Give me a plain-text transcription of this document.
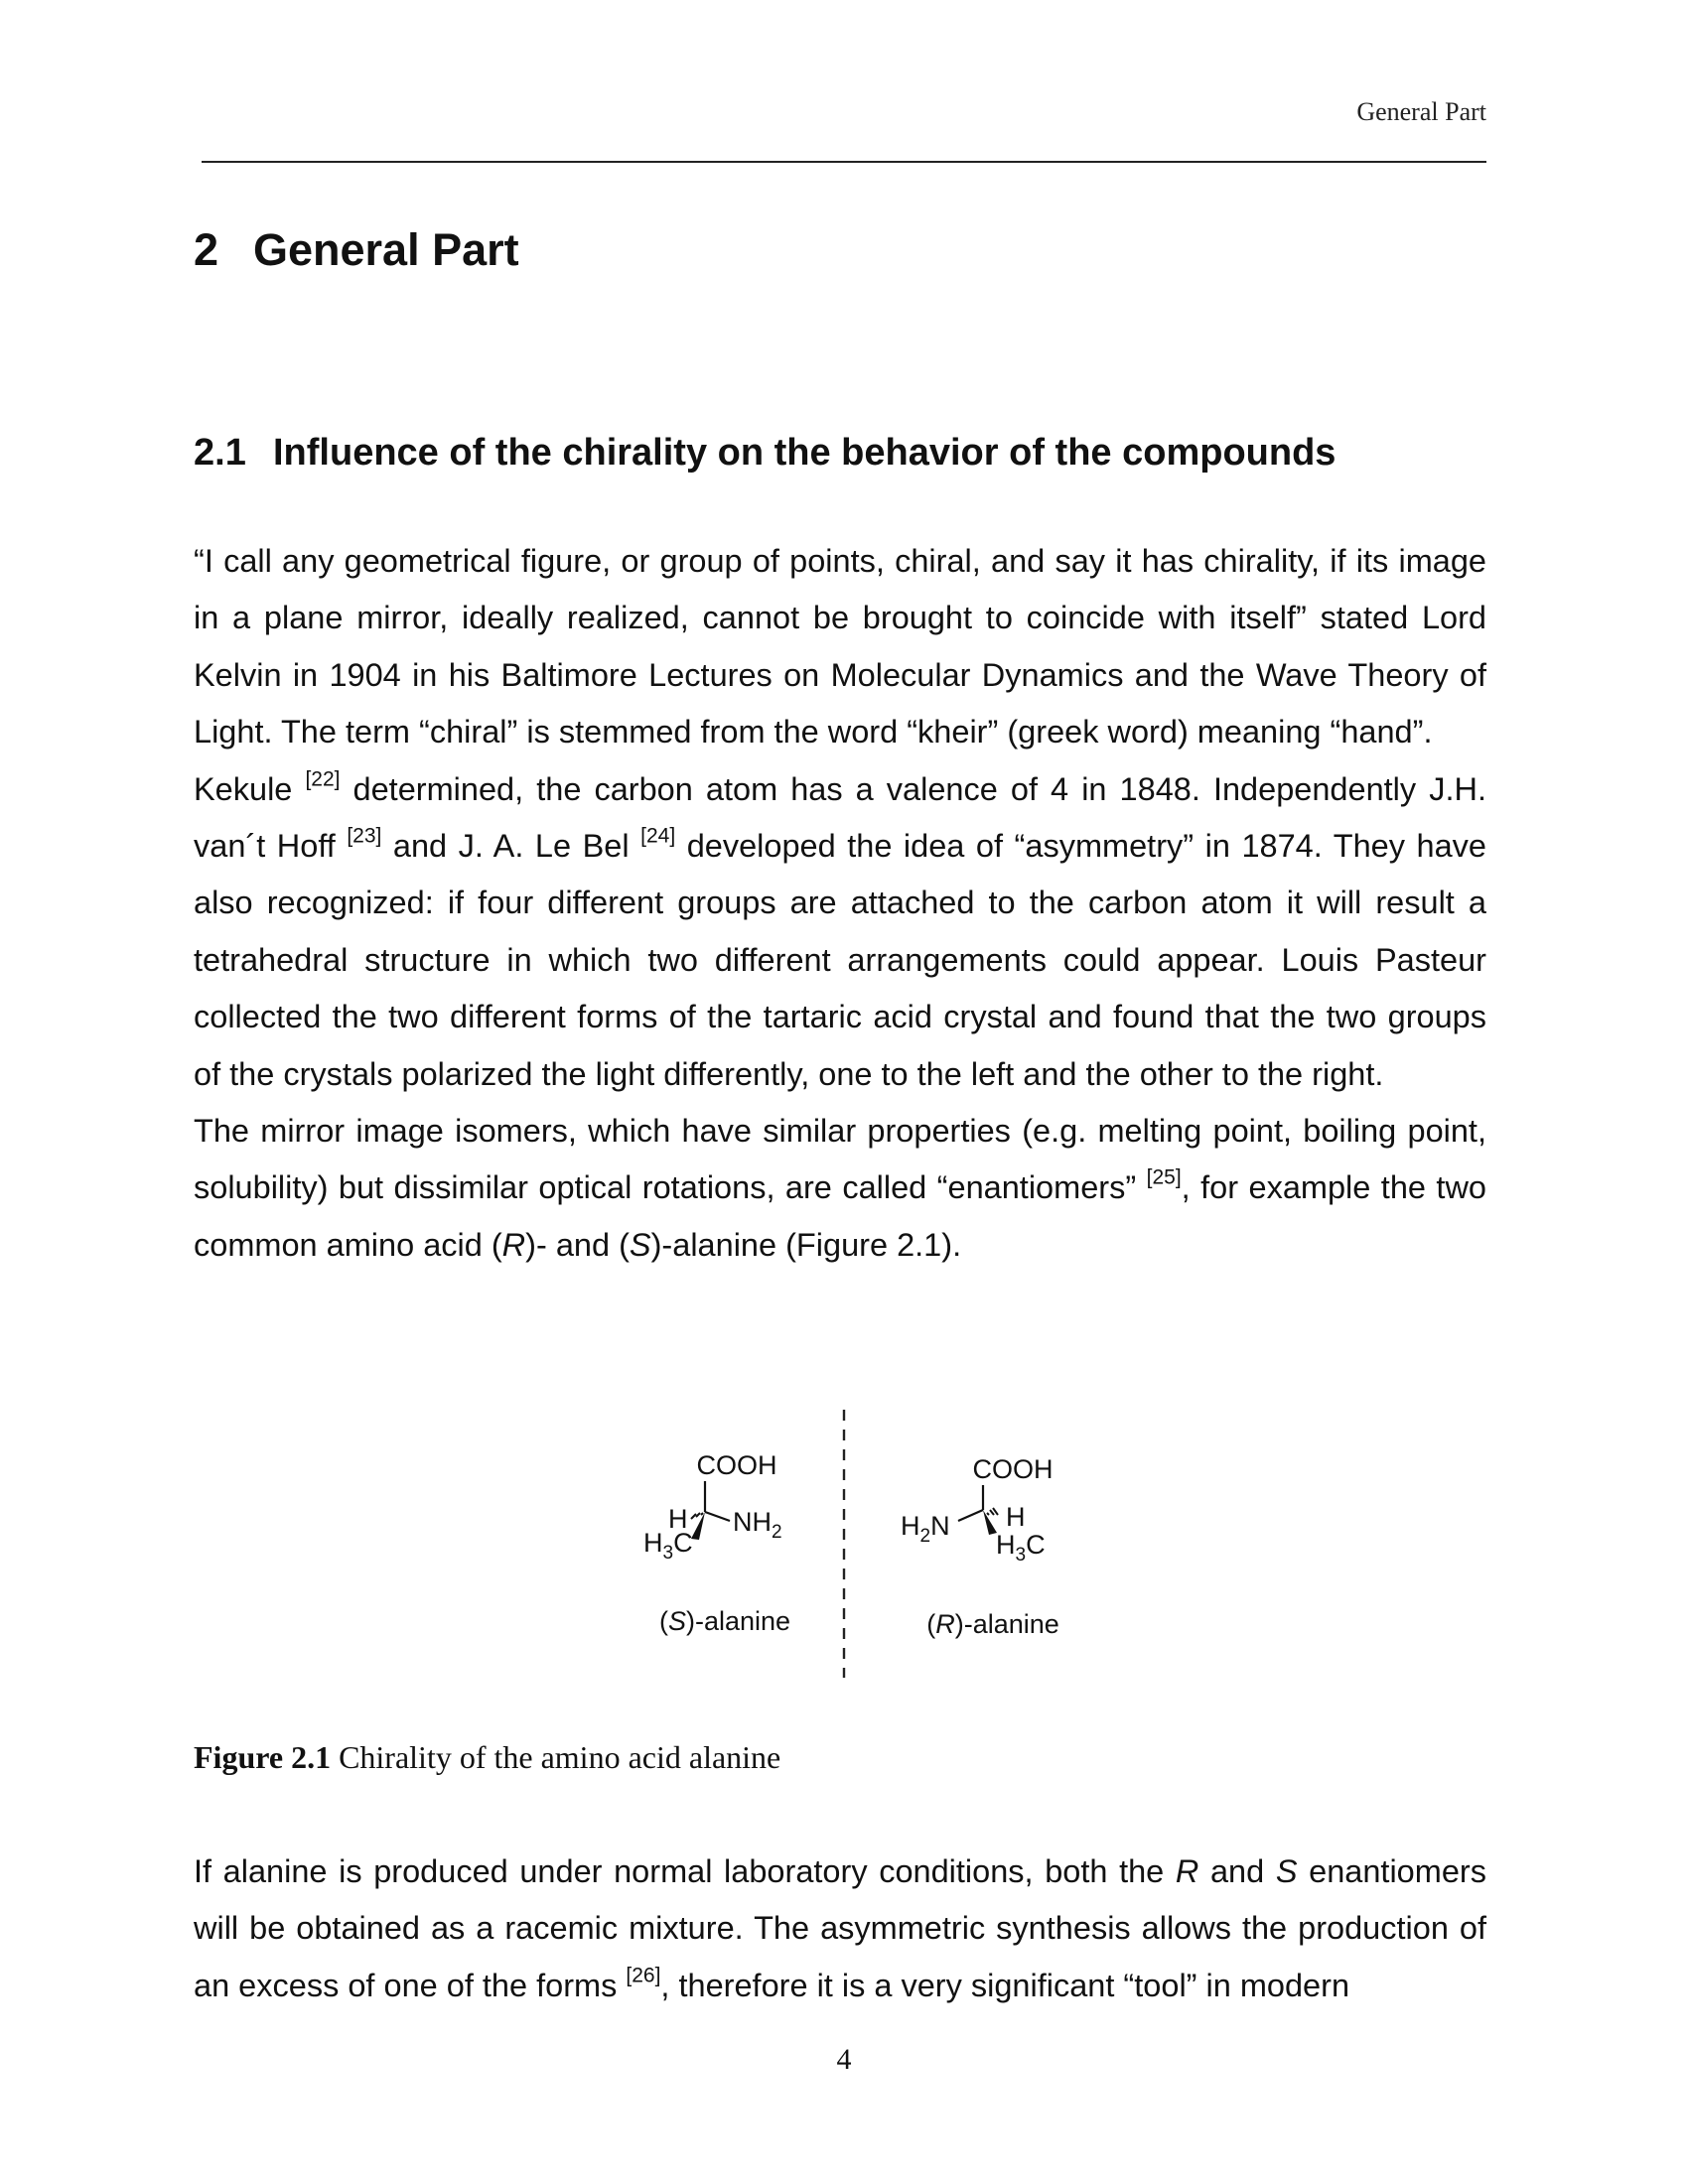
General Part
2 General Part
2.1 Influence of the chirality on the behavior of the compounds

“I call any geometrical figure, or group of points, chiral, and say it has chirality, if its image in a plane mirror, ideally realized, cannot be brought to coincide with itself” stated Lord Kelvin in 1904 in his Baltimore Lectures on Molecular Dynamics and the Wave Theory of Light. The term “chiral” is stemmed from the word “kheir” (greek word) meaning “hand”.

Kekule [22] determined, the carbon atom has a valence of 4 in 1848. Independently J.H. van´t Hoff [23] and J. A. Le Bel [24] developed the idea of “asymmetry” in 1874. They have also recognized: if four different groups are attached to the carbon atom it will result a tetrahedral structure in which two different arrangements could appear. Louis Pasteur collected the two different forms of the tartaric acid crystal and found that the two groups of the crystals polarized the light differently, one to the left and the other to the right.

The mirror image isomers, which have similar properties (e.g. melting point, boiling point, solubility) but dissimilar optical rotations, are called “enantiomers” [25], for example the two common amino acid (R)- and (S)-alanine (Figure 2.1).

COOH
H $NH_2$
$H_3C$
(S)-alanine
COOH
$H_2N$ H
$H_3C$
(R)-alanine
Figure 2.1 Chirality of the amino acid alanine

If alanine is produced under normal laboratory conditions, both the R and S enantiomers will be obtained as a racemic mixture. The asymmetric synthesis allows the production of an excess of one of the forms [26], therefore it is a very significant “tool” in modern

4
